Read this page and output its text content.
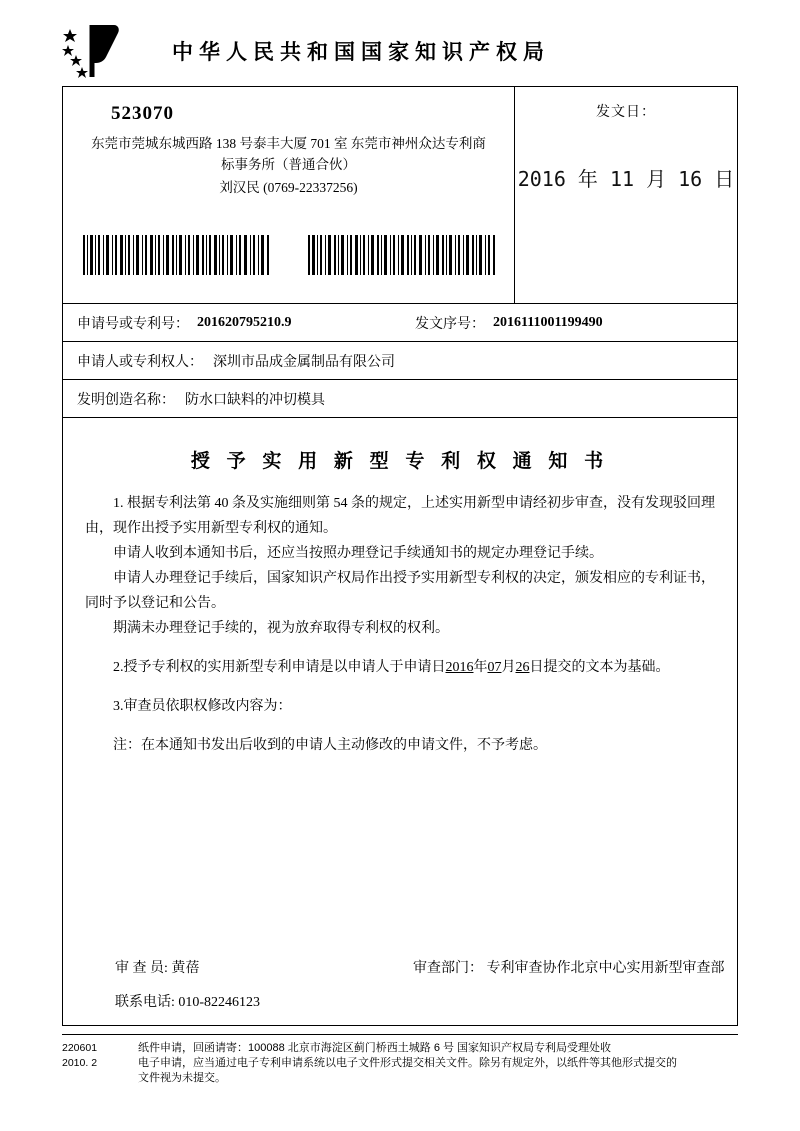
中华人民共和国国家知识产权局
523070
东莞市莞城东城西路 138 号泰丰大厦 701 室 东莞市神州众达专利商
标事务所（普通合伙）
刘汉民 (0769‑22337256)
发文日：
2016 年 11 月 16 日
申请号或专利号： 201620795210.9	发文序号： 2016111001199490
申请人或专利权人： 深圳市品成金属制品有限公司
发明创造名称： 防水口缺料的冲切模具
授 予 实 用 新 型 专 利 权 通 知 书
1. 根据专利法第 40 条及实施细则第 54 条的规定，上述实用新型申请经初步审查，没有发现驳回理由，现作出授予实用新型专利权的通知。
申请人收到本通知书后，还应当按照办理登记手续通知书的规定办理登记手续。
申请人办理登记手续后，国家知识产权局作出授予实用新型专利权的决定，颁发相应的专利证书，同时予以登记和公告。
期满未办理登记手续的，视为放弃取得专利权的权利。
2.授予专利权的实用新型专利申请是以申请人于申请日2016年07月26日提交的文本为基础。
3.审查员依职权修改内容为：
注：在本通知书发出后收到的申请人主动修改的申请文件，不予考虑。
审 查 员: 黄蓓	审查部门： 专利审查协作北京中心实用新型审查部
联系电话: 010‑82246123
220601
2010. 2
纸件申请，回函请寄：100088 北京市海淀区蓟门桥西土城路 6 号 国家知识产权局专利局受理处收
电子申请，应当通过电子专利申请系统以电子文件形式提交相关文件。除另有规定外，以纸件等其他形式提交的
文件视为未提交。
